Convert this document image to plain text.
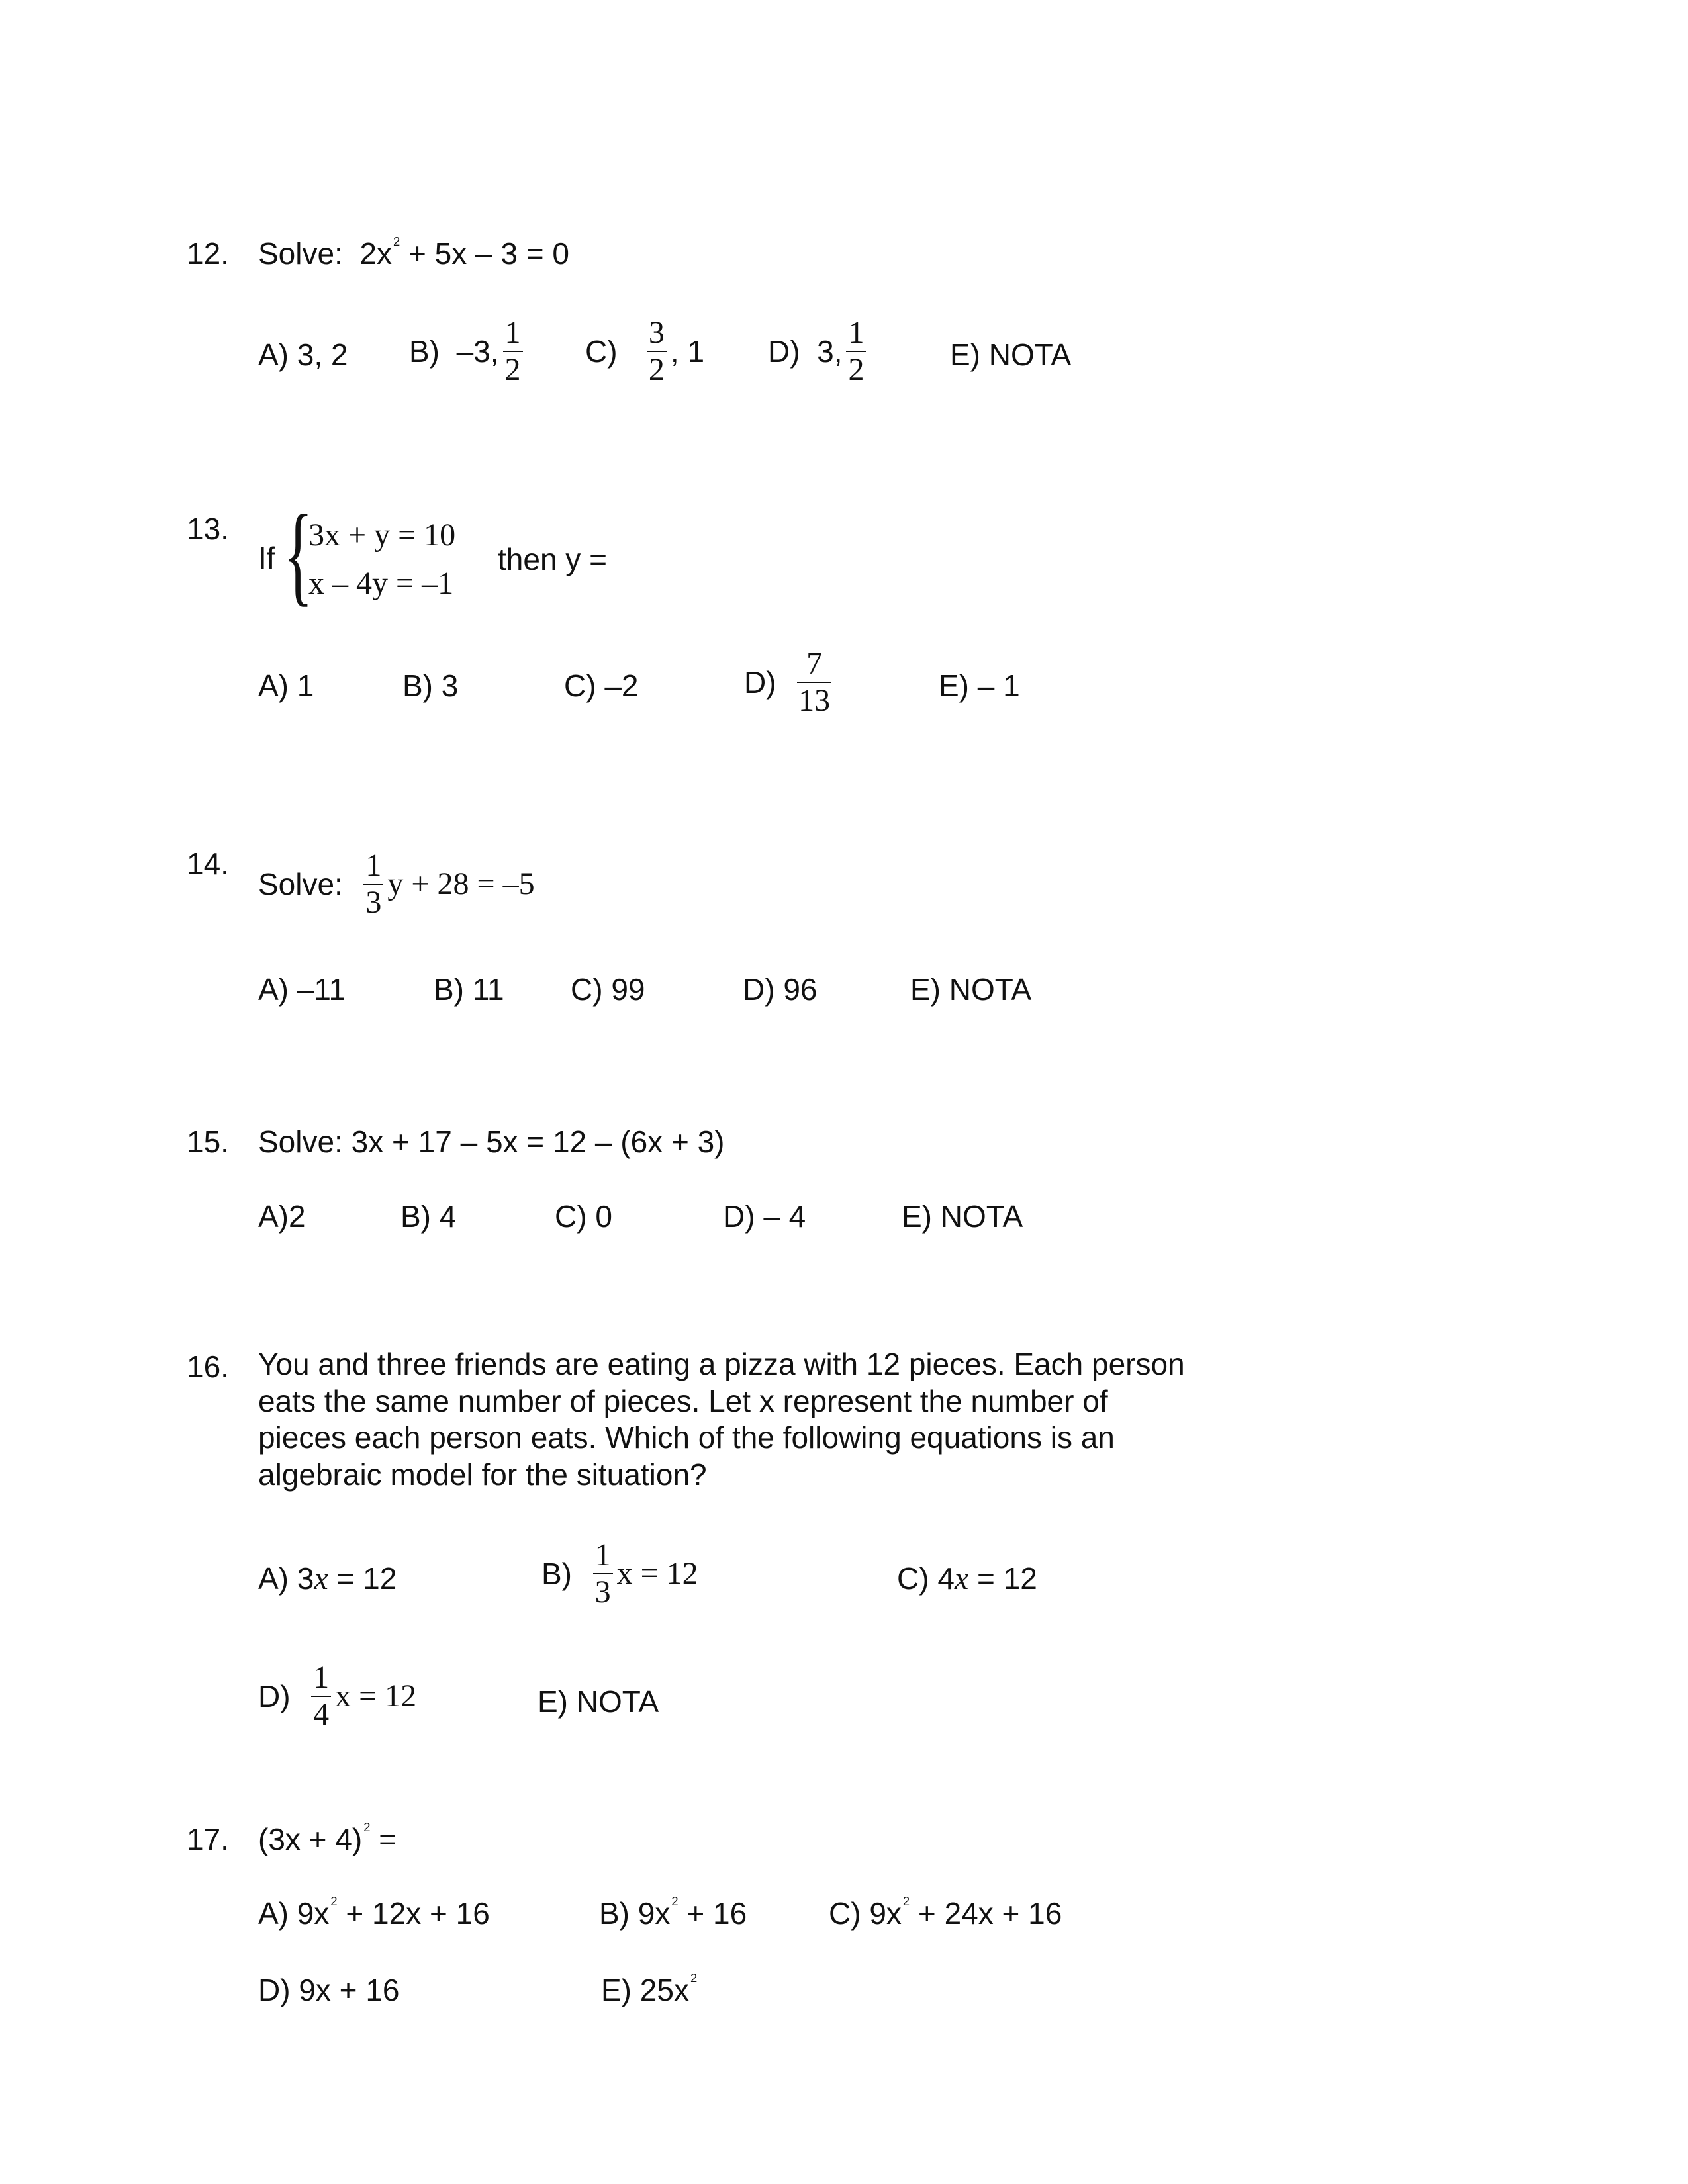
12. Solve: 2x $^2$ + 5x – 3 = 0
A) 3, 2 B)
–3, $\frac{1}{2} C$)
$\frac{3}{2}$ , 1 D)
3, $\frac{1}{2}$	E) NOTA
13.
If {
3x + y = 10
x – 4y = –1
then y =
A) 1	B) 3	C) –2	D)
$\frac{7}{13}$	E) – 1
14.
Solve:
$\frac{1}{3}$ y + 28 = –5
A) –11	B) 11 C) 99	D) 96	E) NOTA
15. Solve: 3x + 17 – 5x = 12 – (6x + 3)
A)2	B) 4	C) 0	D) – 4	E) NOTA
16. You and three friends are eating a pizza with 12 pieces. Each person eats the same number of pieces. Let x represent the number of pieces each person eats. Which of the following equations is an algebraic model for the situation?
A) 3x = 12	B)
$\frac{1}{3}$ x = 12	C) 4x = 12
D)
$\frac{1}{4}$ x = 12	E) NOTA
17. (3x + 4) $^2$ =
A) 9x $^2$ + 12x + 16	B) 9x $^2$ + 16	C) 9x $^2$ + 24x + 16
D) 9x + 16	E) 25x $^2$
